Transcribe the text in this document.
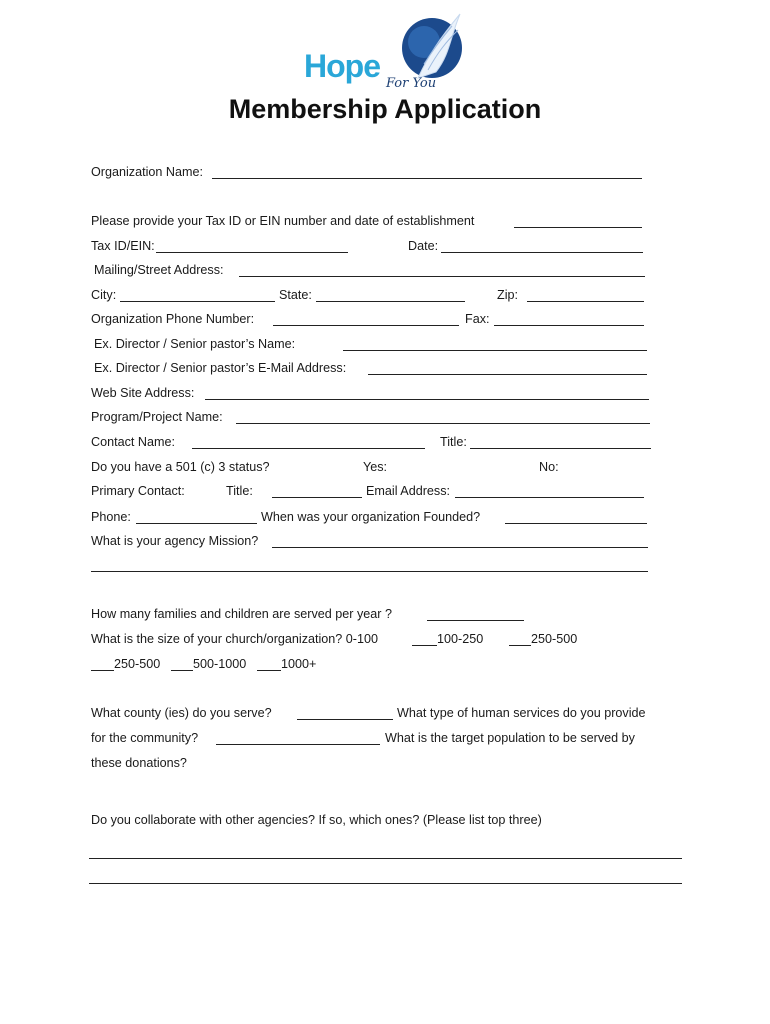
Hope For You
Membership Application
Organization Name:
Please provide your Tax ID or EIN number and date of establishment
Tax ID/EIN:	Date:
Mailing/Street Address:
City:	State:	Zip:
Organization Phone Number:	Fax:
Ex. Director / Senior pastor’s Name:
Ex. Director / Senior pastor’s E-Mail Address:
Web Site Address:
Program/Project Name:
Contact Name:	Title:
Do you have a 501 (c) 3 status?	Yes:	No:
Primary Contact:	Title:	Email Address:
Phone:	When was your organization Founded?
What is your agency Mission?
How many families and children are served per year ?
What is the size of your church/organization? 0-100	100-250	250-500
250-500	500-1000	1000+
What county (ies) do you serve?	What type of human services do you provide
for the community?	What is the target population to be served by
these donations?
Do you collaborate with other agencies? If so, which ones? (Please list top three)
